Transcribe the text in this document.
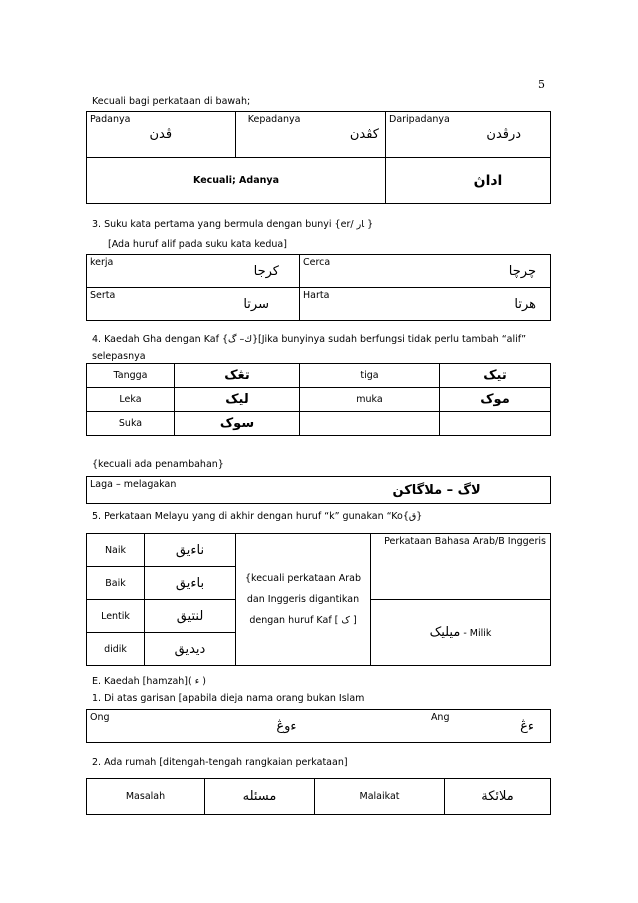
5
Kecuali bagi perkataan di bawah;
Padanya	ڤدن	Kepadanya	کڤدن	Daripadanya	درڤدن
Kecuali; Adanya				اداڽ	
3. Suku kata pertama yang bermula dengan bunyi {er/ ﺎﺭ }
[Ada huruf alif pada suku kata kedua]
kerja	کرجا	Cerca	چرچا
Serta	سرتا	Harta	هرتا
4. Kaedah Gha dengan Kaf {ﻙ– ﮒ} [Jika bunyinya sudah berfungsi tidak perlu tambah “alif”
selepasnya
Tangga	تڠک	tiga	تيک
Leka	ليک	muka	موک
Suka	سوک		
{kecuali ada penambahan}
Laga – melagakan	لاگ – ملاگاکن
5. Perkataan Melayu yang di akhir dengan huruf “k” gunakan “Ko{ق}
Naik	ناءيق	{kecuali perkataan Arab dan Inggeris digantikan dengan huruf Kaf [ ک ]	Perkataan Bahasa Arab/B Inggeris
Baik	باءيق		
Lentik	لنتيق		ميليک - Milik
didik	ديديق		
E. Kaedah [hamzah]( ء )
1. Di atas garisan [apabila dieja nama orang bukan Islam
Ong	ءوڠ	Ang	ءڠ
2. Ada rumah [ditengah-tengah rangkaian perkataan]
Masalah	مسئله	Malaikat	ملائکة
